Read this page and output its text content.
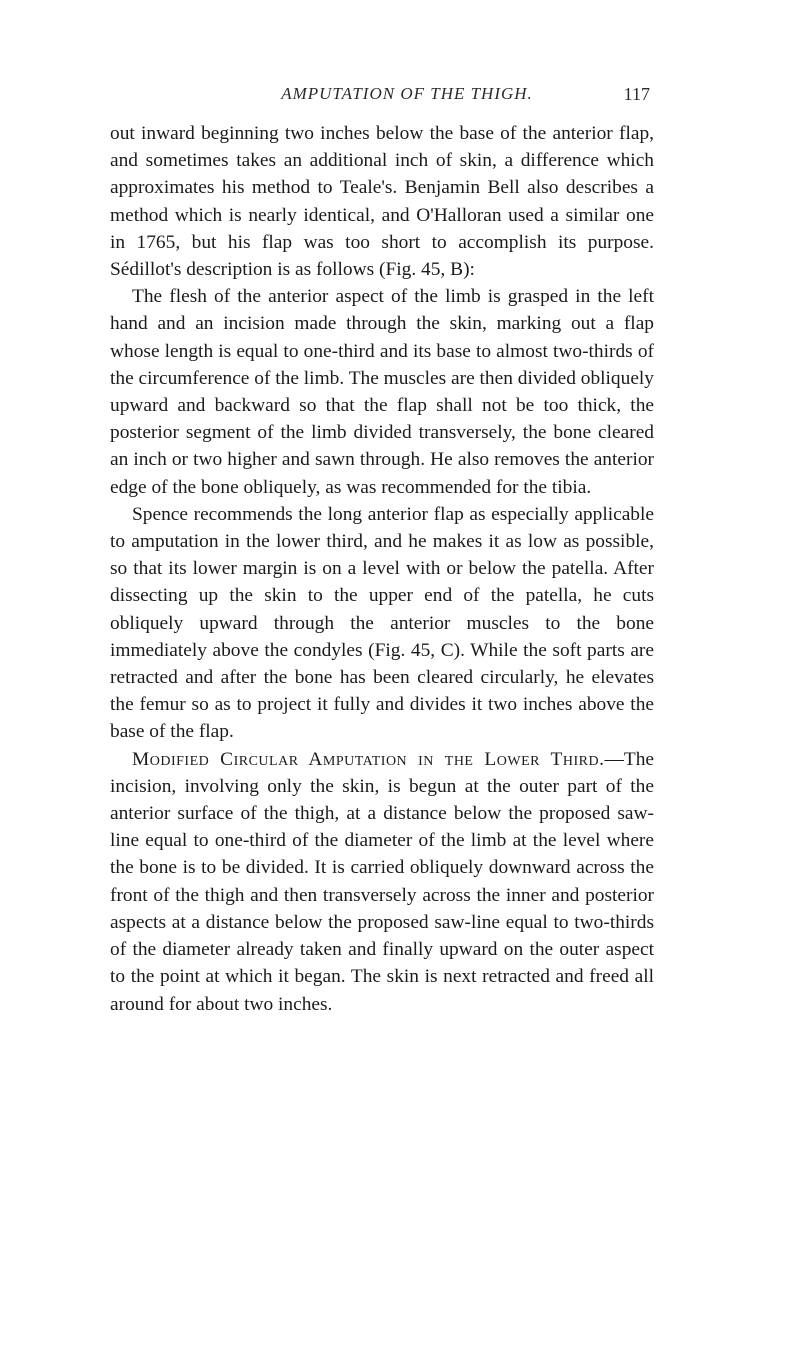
AMPUTATION OF THE THIGH.	117

out inward beginning two inches below the base of the anterior flap, and sometimes takes an additional inch of skin, a difference which approximates his method to Teale's. Benjamin Bell also describes a method which is nearly identical, and O'Halloran used a similar one in 1765, but his flap was too short to accomplish its purpose. Sédillot's description is as follows (Fig. 45, B):

The flesh of the anterior aspect of the limb is grasped in the left hand and an incision made through the skin, marking out a flap whose length is equal to one-third and its base to almost two-thirds of the circumference of the limb. The muscles are then divided obliquely upward and backward so that the flap shall not be too thick, the posterior segment of the limb divided transversely, the bone cleared an inch or two higher and sawn through. He also removes the anterior edge of the bone obliquely, as was recommended for the tibia.

Spence recommends the long anterior flap as especially applicable to amputation in the lower third, and he makes it as low as possible, so that its lower margin is on a level with or below the patella. After dissecting up the skin to the upper end of the patella, he cuts obliquely upward through the anterior muscles to the bone immediately above the condyles (Fig. 45, C). While the soft parts are retracted and after the bone has been cleared circularly, he elevates the femur so as to project it fully and divides it two inches above the base of the flap.

Modified Circular Amputation in the Lower Third.—The incision, involving only the skin, is begun at the outer part of the anterior surface of the thigh, at a distance below the proposed saw-line equal to one-third of the diameter of the limb at the level where the bone is to be divided. It is carried obliquely downward across the front of the thigh and then transversely across the inner and posterior aspects at a distance below the proposed saw-line equal to two-thirds of the diameter already taken and finally upward on the outer aspect to the point at which it began. The skin is next retracted and freed all around for about two inches.
